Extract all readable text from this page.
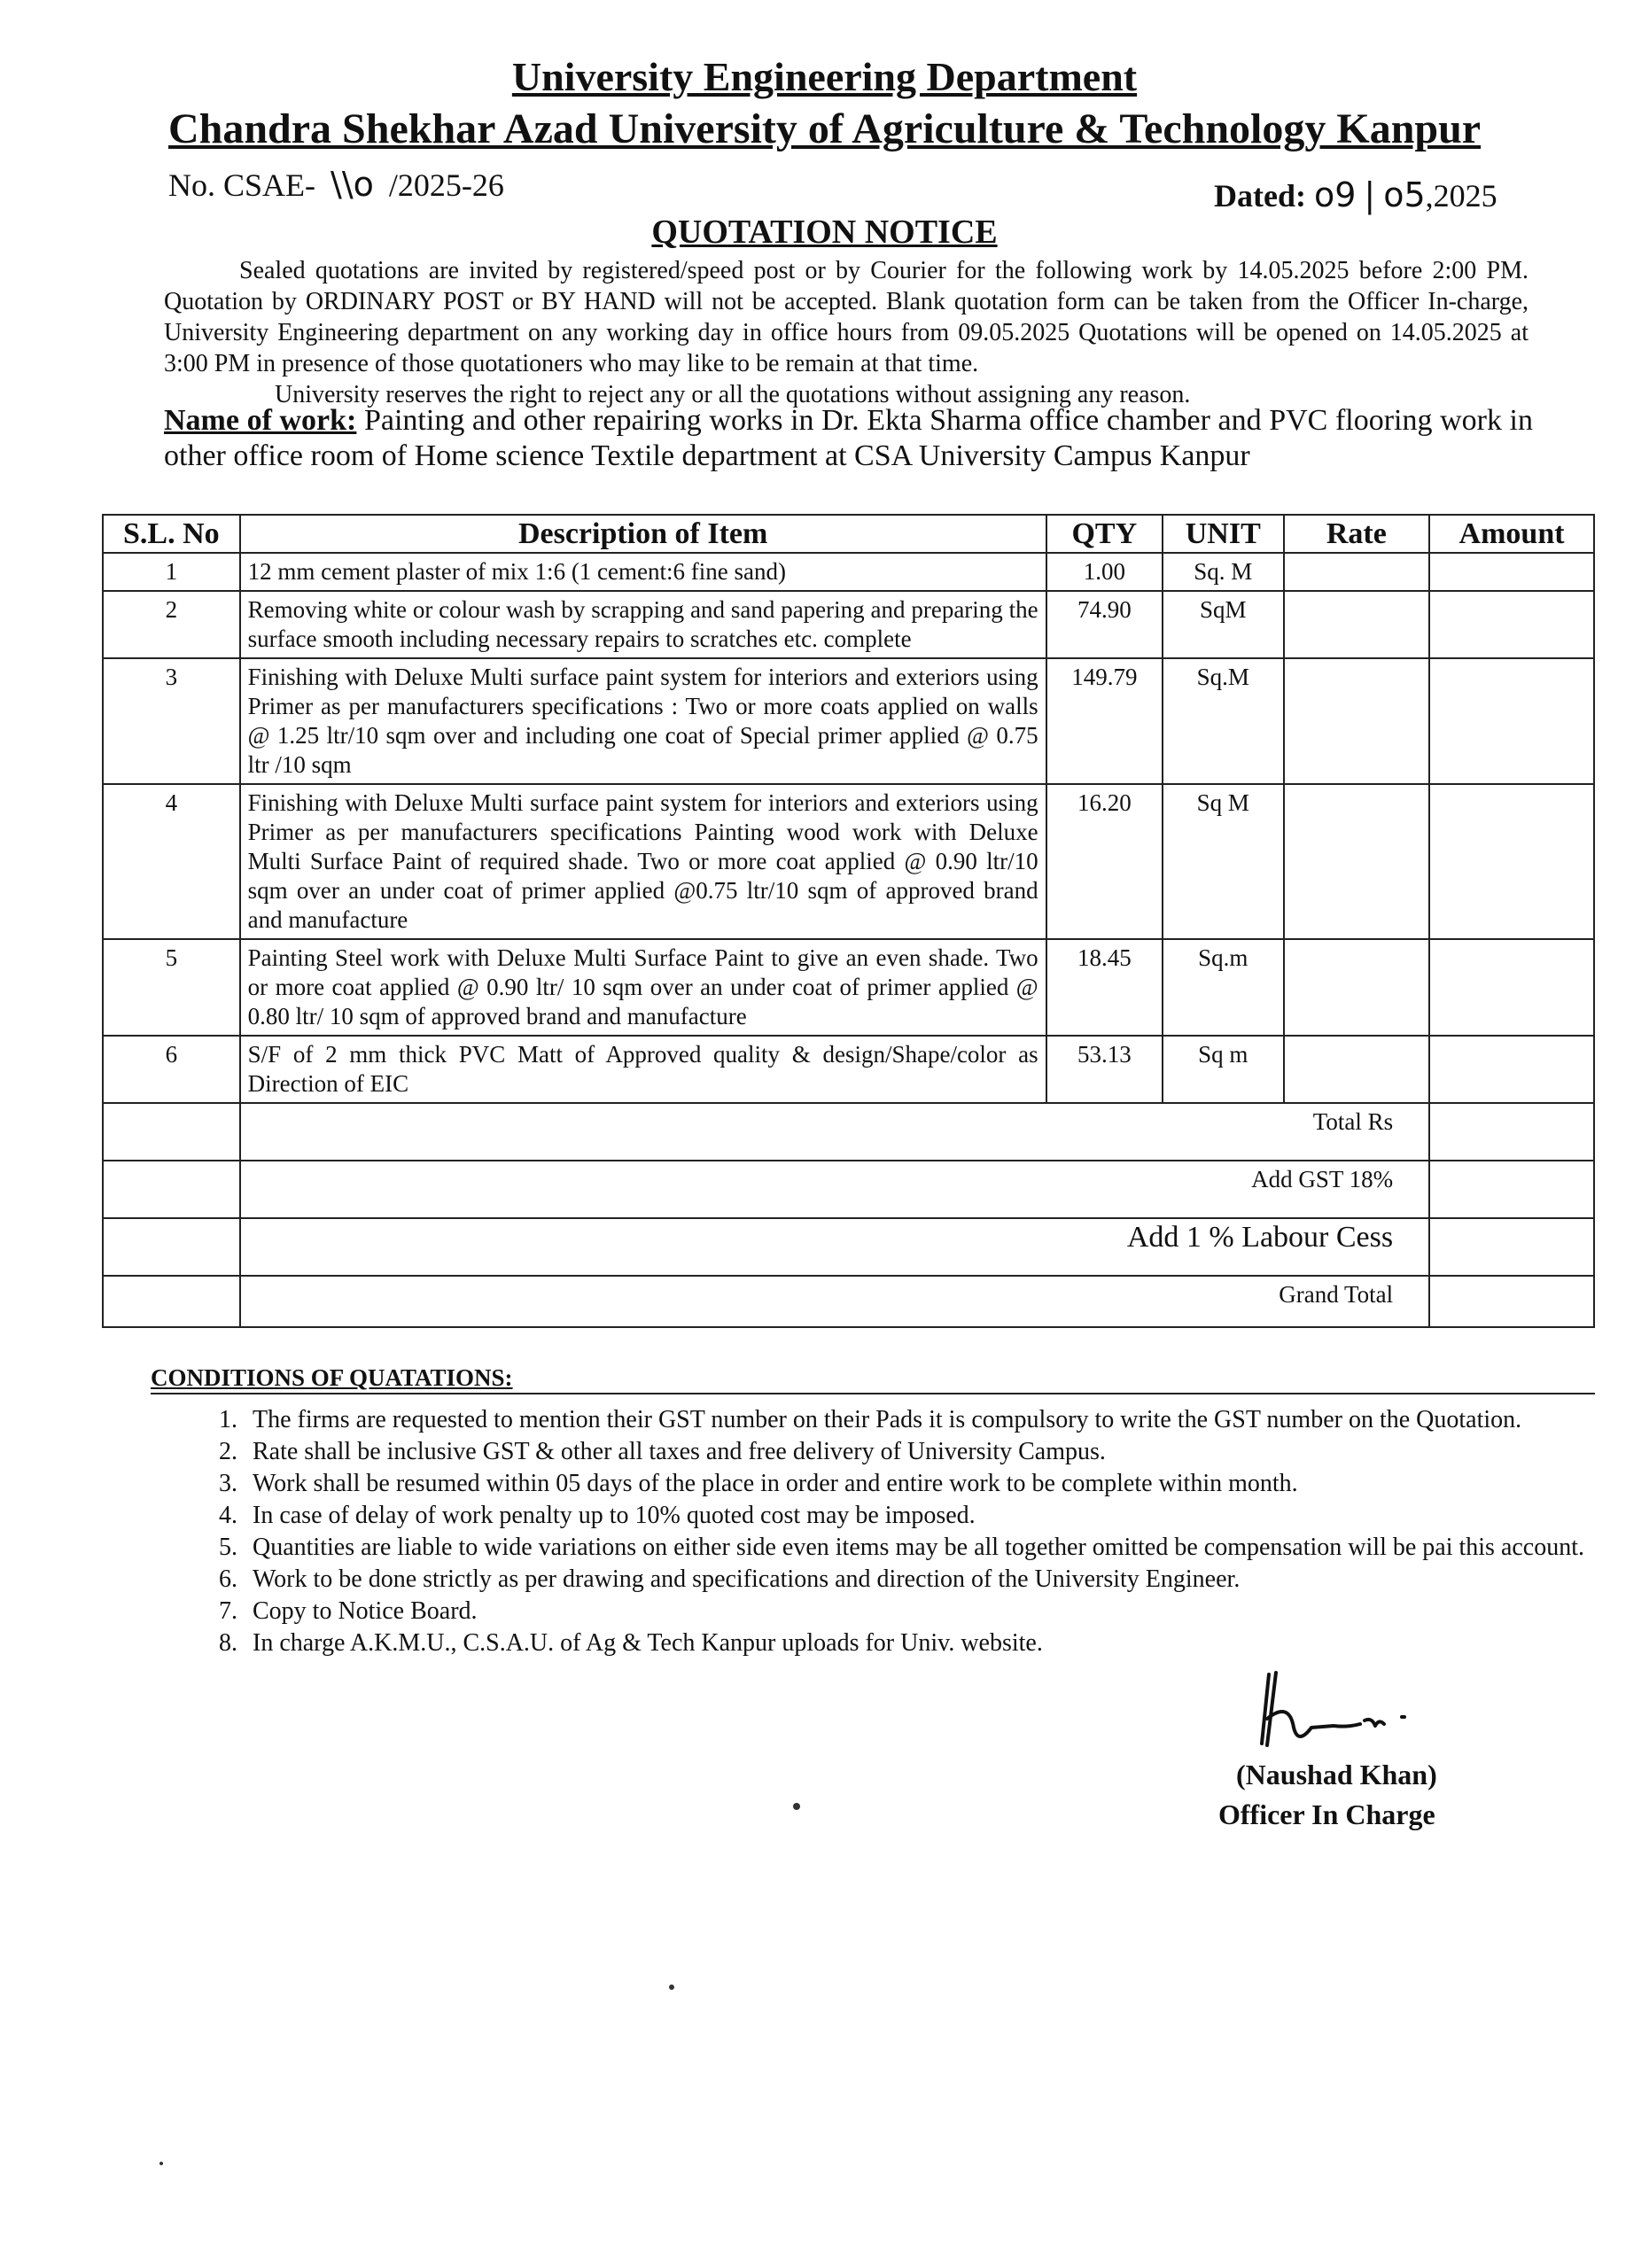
University Engineering Department
Chandra Shekhar Azad University of Agriculture & Technology Kanpur
No. CSAE- \\o /2025-26	Dated: o9 | o5,2025
QUOTATION NOTICE

Sealed quotations are invited by registered/speed post or by Courier for the following work by 14.05.2025 before 2:00 PM. Quotation by ORDINARY POST or BY HAND will not be accepted. Blank quotation form can be taken from the Officer In-charge, University Engineering department on any working day in office hours from 09.05.2025 Quotations will be opened on 14.05.2025 at 3:00 PM in presence of those quotationers who may like to be remain at that time.

University reserves the right to reject any or all the quotations without assigning any reason.

Name of work: Painting and other repairing works in Dr. Ekta Sharma office chamber and PVC flooring work in other office room of Home science Textile department at CSA University Campus Kanpur
S.L. No	Description of Item	QTY	UNIT	Rate	Amount
1	12 mm cement plaster of mix 1:6 (1 cement:6 fine sand)	1.00	Sq. M		
2	Removing white or colour wash by scrapping and sand papering and preparing the surface smooth including necessary repairs to scratches etc. complete	74.90	SqM		
3	Finishing with Deluxe Multi surface paint system for interiors and exteriors using Primer as per manufacturers specifications : Two or more coats applied on walls @ 1.25 ltr/10 sqm over and including one coat of Special primer applied @ 0.75 ltr /10 sqm	149.79	Sq.M		
4	Finishing with Deluxe Multi surface paint system for interiors and exteriors using Primer as per manufacturers specifications Painting wood work with Deluxe Multi Surface Paint of required shade. Two or more coat applied @ 0.90 ltr/10 sqm over an under coat of primer applied @0.75 ltr/10 sqm of approved brand and manufacture	16.20	Sq M		
5	Painting Steel work with Deluxe Multi Surface Paint to give an even shade. Two or more coat applied @ 0.90 ltr/ 10 sqm over an under coat of primer applied @ 0.80 ltr/ 10 sqm of approved brand and manufacture	18.45	Sq.m		
6	S/F of 2 mm thick PVC Matt of Approved quality & design/Shape/color as Direction of EIC	53.13	Sq m		
	Total Rs				
	Add GST 18%				
	Add 1 % Labour Cess				
	Grand Total				
CONDITIONS OF QUATATIONS:
1. The firms are requested to mention their GST number on their Pads it is compulsory to write the GST number on the Quotation.
2. Rate shall be inclusive GST & other all taxes and free delivery of University Campus.
3. Work shall be resumed within 05 days of the place in order and entire work to be complete within month.
4. In case of delay of work penalty up to 10% quoted cost may be imposed.
5. Quantities are liable to wide variations on either side even items may be all together omitted be compensation will be pai this account.
6. Work to be done strictly as per drawing and specifications and direction of the University Engineer.
7. Copy to Notice Board.
8. In charge A.K.M.U., C.S.A.U. of Ag & Tech Kanpur uploads for Univ. website.
(Naushad Khan)
Officer In Charge
